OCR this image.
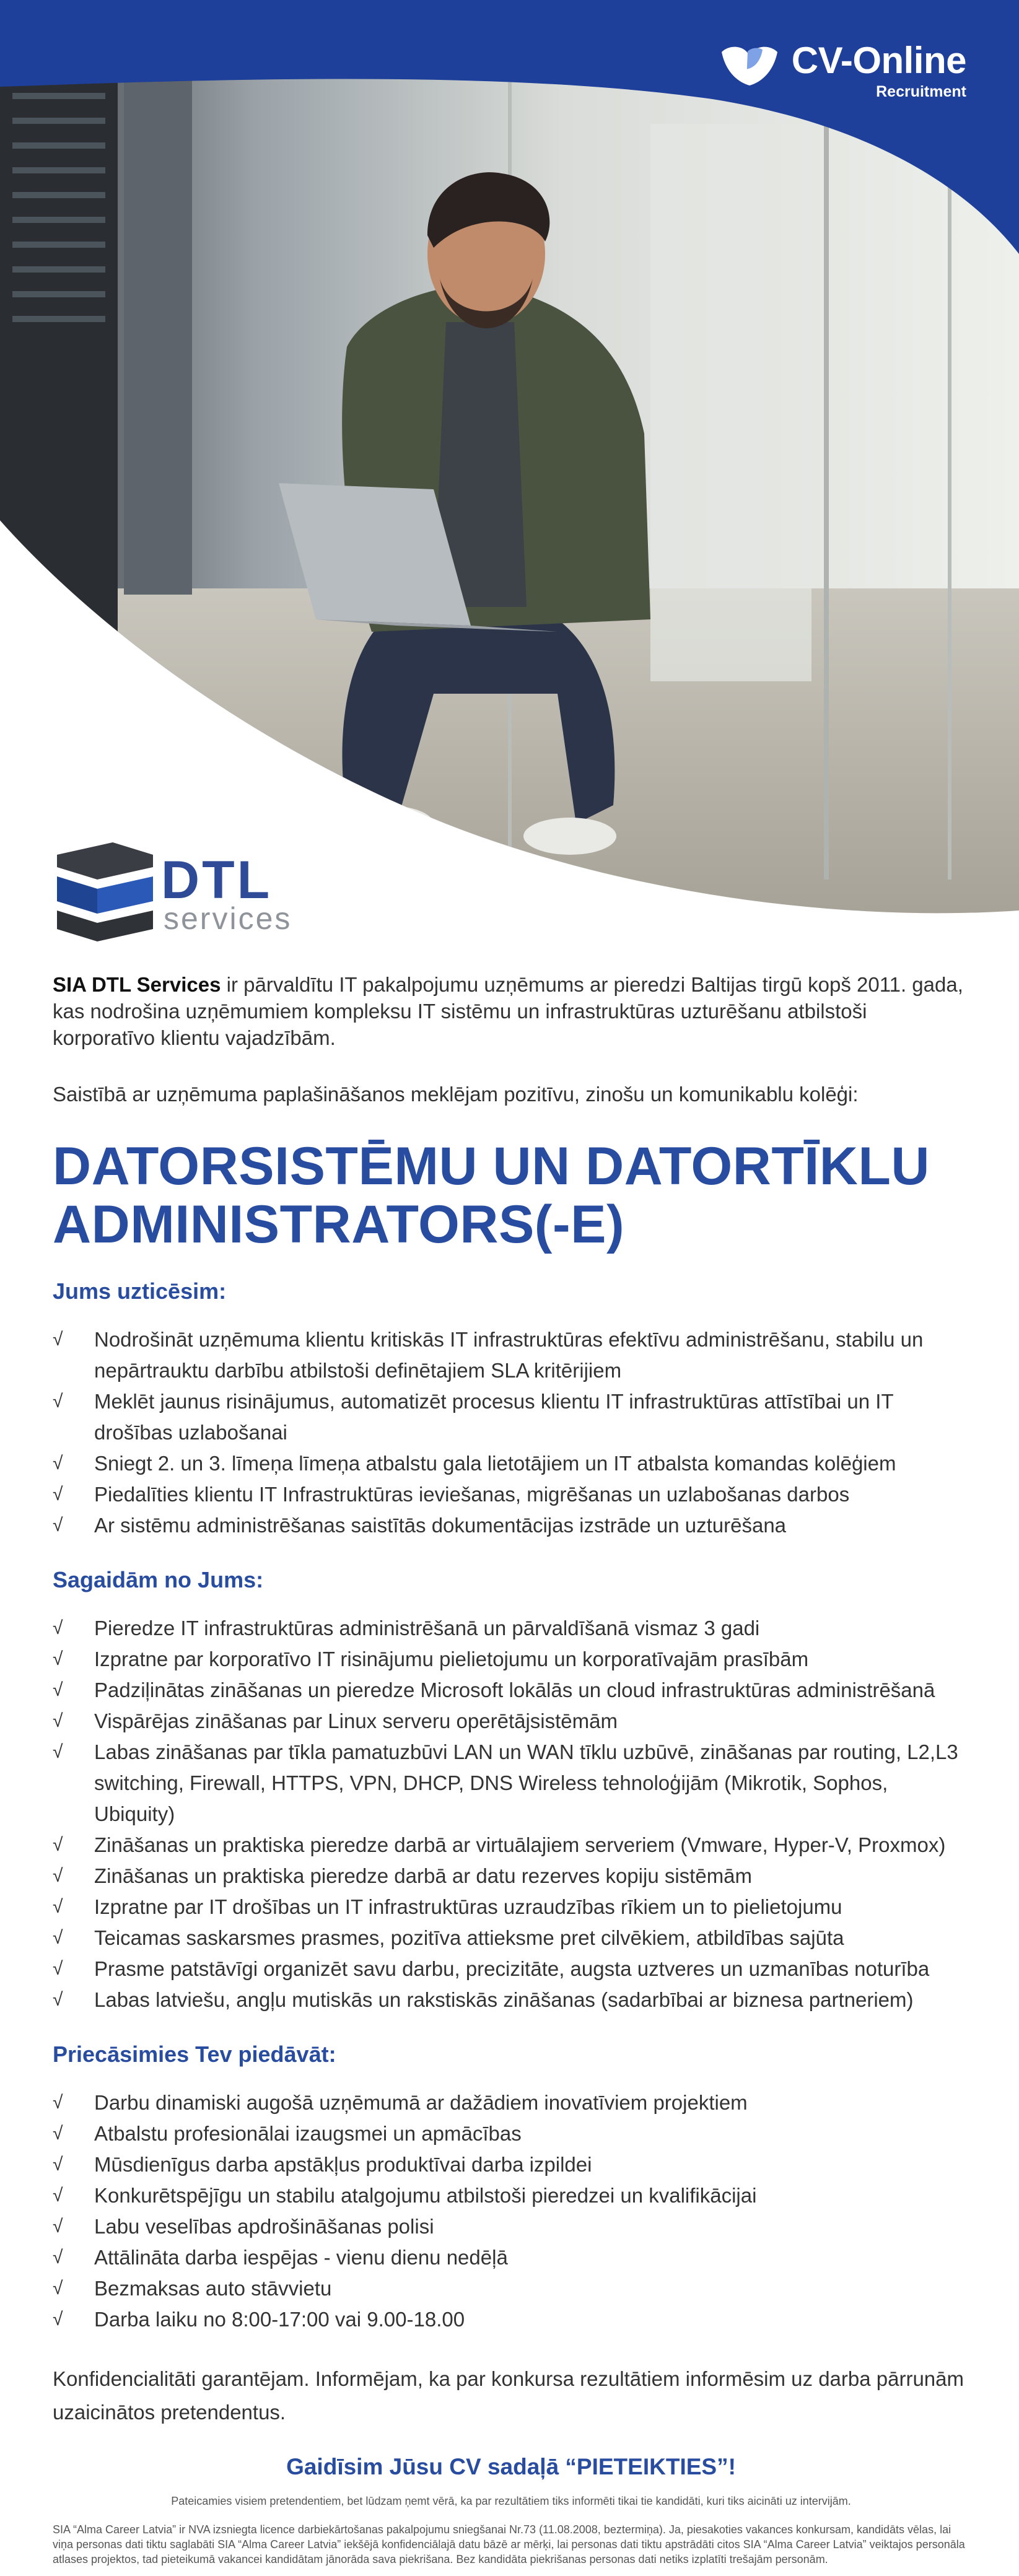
CV-Online
Recruitment
DTL
services

SIA DTL Services ir pārvaldītu IT pakalpojumu uzņēmums ar pieredzi Baltijas tirgū kopš 2011. gada, kas nodrošina uzņēmumiem kompleksu IT sistēmu un infrastruktūras uzturēšanu atbilstoši korporatīvo klientu vajadzībām.

Saistībā ar uzņēmuma paplašināšanos meklējam pozitīvu, zinošu un komunikablu kolēģi:

DATORSISTĒMU UN DATORTĪKLU ADMINISTRATORS(-E)
Jums uzticēsim:
√ Nodrošināt uzņēmuma klientu kritiskās IT infrastruktūras efektīvu administrēšanu, stabilu un nepārtrauktu darbību atbilstoši definētajiem SLA kritērijiem
√ Meklēt jaunus risinājumus, automatizēt procesus klientu IT infrastruktūras attīstībai un IT drošības uzlabošanai
√ Sniegt 2. un 3. līmeņa līmeņa atbalstu gala lietotājiem un IT atbalsta komandas kolēģiem
√ Piedalīties klientu IT Infrastruktūras ieviešanas, migrēšanas un uzlabošanas darbos
√ Ar sistēmu administrēšanas saistītās dokumentācijas izstrāde un uzturēšana
Sagaidām no Jums:
√ Pieredze IT infrastruktūras administrēšanā un pārvaldīšanā vismaz 3 gadi
√ Izpratne par korporatīvo IT risinājumu pielietojumu un korporatīvajām prasībām
√ Padziļinātas zināšanas un pieredze Microsoft lokālās un cloud infrastruktūras administrēšanā
√ Vispārējas zināšanas par Linux serveru operētājsistēmām
√ Labas zināšanas par tīkla pamatuzbūvi LAN un WAN tīklu uzbūvē, zināšanas par routing, L2,L3 switching, Firewall, HTTPS, VPN, DHCP, DNS Wireless tehnoloģijām (Mikrotik, Sophos, Ubiquity)
√ Zināšanas un praktiska pieredze darbā ar virtuālajiem serveriem (Vmware, Hyper-V, Proxmox)
√ Zināšanas un praktiska pieredze darbā ar datu rezerves kopiju sistēmām
√ Izpratne par IT drošības un IT infrastruktūras uzraudzības rīkiem un to pielietojumu
√ Teicamas saskarsmes prasmes, pozitīva attieksme pret cilvēkiem, atbildības sajūta
√ Prasme patstāvīgi organizēt savu darbu, precizitāte, augsta uztveres un uzmanības noturība
√ Labas latviešu, angļu mutiskās un rakstiskās zināšanas (sadarbībai ar biznesa partneriem)
Priecāsimies Tev piedāvāt:
√ Darbu dinamiski augošā uzņēmumā ar dažādiem inovatīviem projektiem
√ Atbalstu profesionālai izaugsmei un apmācības
√ Mūsdienīgus darba apstākļus produktīvai darba izpildei
√ Konkurētspējīgu un stabilu atalgojumu atbilstoši pieredzei un kvalifikācijai
√ Labu veselības apdrošināšanas polisi
√ Attālināta darba iespējas - vienu dienu nedēļā
√ Bezmaksas auto stāvvietu
√ Darba laiku no 8:00-17:00 vai 9.00-18.00

Konfidencialitāti garantējam. Informējam, ka par konkursa rezultātiem informēsim uz darba pārrunām uzaicinātos pretendentus.

Gaidīsim Jūsu CV sadaļā “PIETEIKTIES”!

Pateicamies visiem pretendentiem, bet lūdzam ņemt vērā, ka par rezultātiem tiks informēti tikai tie kandidāti, kuri tiks aicināti uz intervijām.

SIA “Alma Career Latvia” ir NVA izsniegta licence darbiekārtošanas pakalpojumu sniegšanai Nr.73 (11.08.2008, beztermiņa). Ja, piesakoties vakances konkursam, kandidāts vēlas, lai viņa personas dati tiktu saglabāti SIA “Alma Career Latvia” iekšējā konfidenciālajā datu bāzē ar mērķi, lai personas dati tiktu apstrādāti citos SIA “Alma Career Latvia” veiktajos personāla atlases projektos, tad pieteikumā vakancei kandidātam jānorāda sava piekrišana. Bez kandidāta piekrišanas personas dati netiks izplatīti trešajām personām.
